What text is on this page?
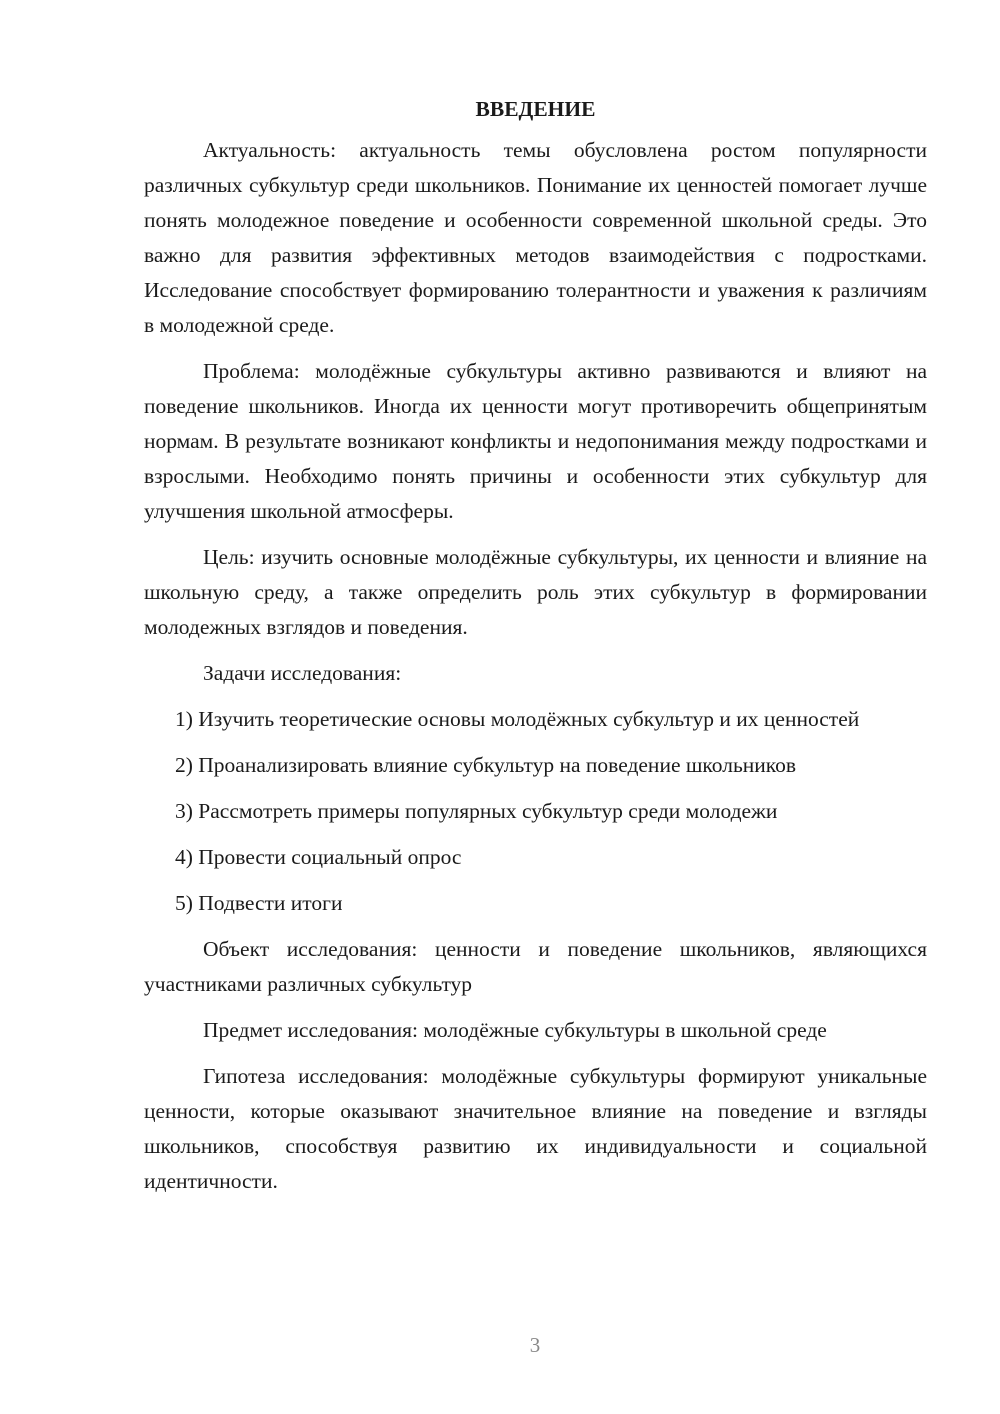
ВВЕДЕНИЕ

Актуальность: актуальность темы обусловлена ростом популярности различных субкультур среди школьников. Понимание их ценностей помогает лучше понять молодежное поведение и особенности современной школьной среды. Это важно для развития эффективных методов взаимодействия с подростками. Исследование способствует формированию толерантности и уважения к различиям в молодежной среде.

Проблема: молодёжные субкультуры активно развиваются и влияют на поведение школьников. Иногда их ценности могут противоречить общепринятым нормам. В результате возникают конфликты и недопонимания между подростками и взрослыми. Необходимо понять причины и особенности этих субкультур для улучшения школьной атмосферы.

Цель: изучить основные молодёжные субкультуры, их ценности и влияние на школьную среду, а также определить роль этих субкультур в формировании молодежных взглядов и поведения.

Задачи исследования:

1) Изучить теоретические основы молодёжных субкультур и их ценностей

2) Проанализировать влияние субкультур на поведение школьников

3) Рассмотреть примеры популярных субкультур среди молодежи

4) Провести социальный опрос

5) Подвести итоги

Объект исследования: ценности и поведение школьников, являющихся участниками различных субкультур

Предмет исследования: молодёжные субкультуры в школьной среде

Гипотеза исследования: молодёжные субкультуры формируют уникальные ценности, которые оказывают значительное влияние на поведение и взгляды школьников, способствуя развитию их индивидуальности и социальной идентичности.

3
